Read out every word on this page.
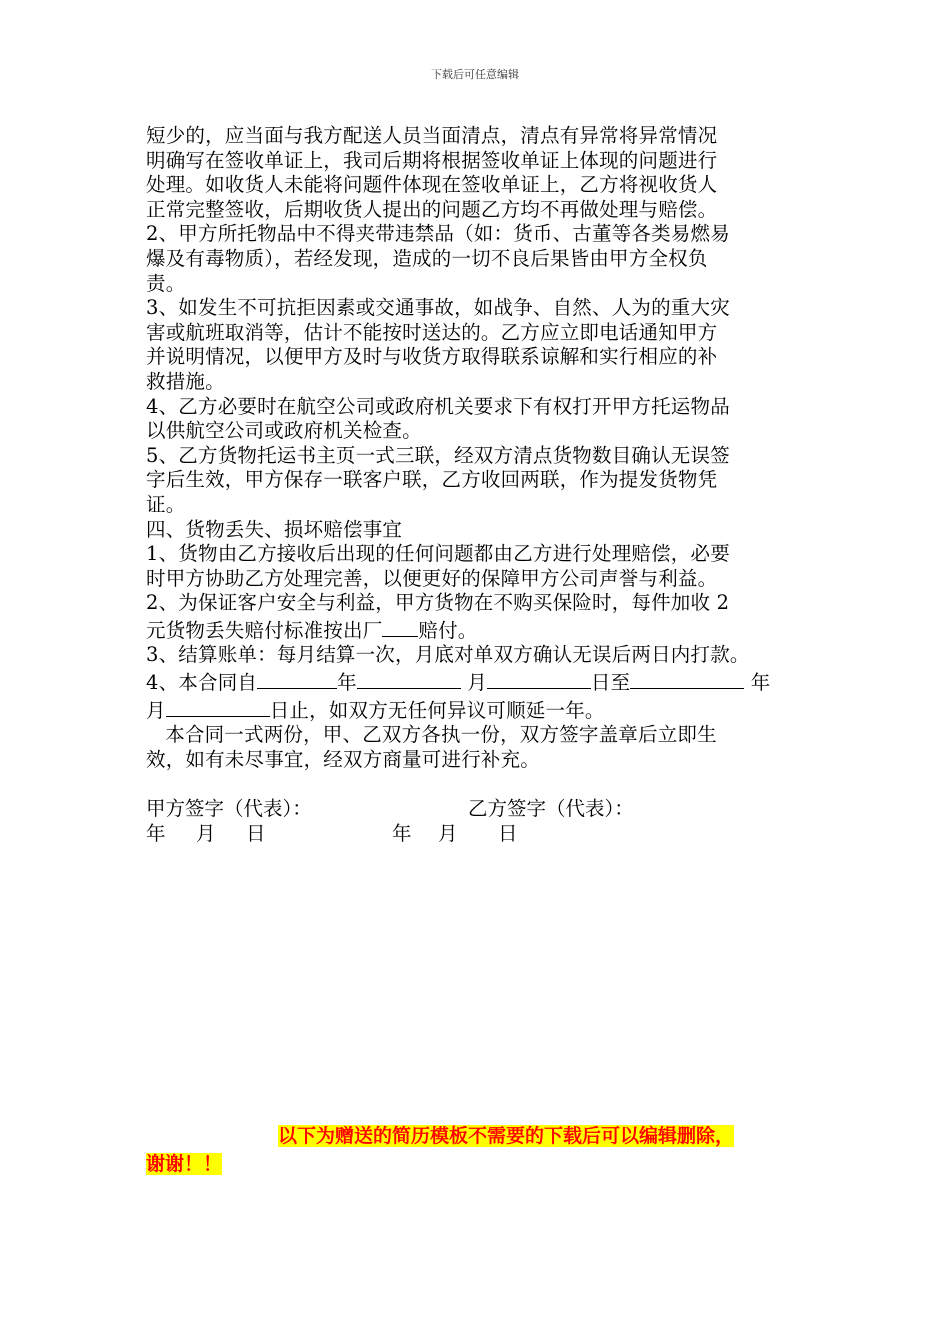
下载后可任意编辑

短少的，应当面与我方配送人员当面清点，清点有异常将异常情况

明确写在签收单证上，我司后期将根据签收单证上体现的问题进行

处理。如收货人未能将问题件体现在签收单证上，乙方将视收货人

正常完整签收，后期收货人提出的问题乙方均不再做处理与赔偿。

2、甲方所托物品中不得夹带违禁品（如：货币、古董等各类易燃易

爆及有毒物质），若经发现，造成的一切不良后果皆由甲方全权负

责。

3、如发生不可抗拒因素或交通事故，如战争、自然、人为的重大灾

害或航班取消等，估计不能按时送达的。乙方应立即电话通知甲方

并说明情况，以便甲方及时与收货方取得联系谅解和实行相应的补

救措施。

4、乙方必要时在航空公司或政府机关要求下有权打开甲方托运物品

以供航空公司或政府机关检查。

5、乙方货物托运书主页一式三联，经双方清点货物数目确认无误签

字后生效，甲方保存一联客户联，乙方收回两联，作为提发货物凭

证。

四、货物丢失、损坏赔偿事宜

1、货物由乙方接收后出现的任何问题都由乙方进行处理赔偿，必要

时甲方协助乙方处理完善，以便更好的保障甲方公司声誉与利益。

2、为保证客户安全与利益，甲方货物在不购买保险时，每件加收 2

元货物丢失赔付标准按出厂 赔付。

3、结算账单：每月结算一次，月底对单双方确认无误后两日内打款。

4、本合同自	年	月	日至	年

月	日止，如双方无任何异议可顺延一年。

本合同一式两份，甲、乙双方各执一份，双方签字盖章后立即生

效，如有未尽事宜，经双方商量可进行补充。

甲方签字（代表）：	乙方签字（代表）：
年 月 日	年 月 日
以下为赠送的简历模板不需要的下载后可以编辑删除，
谢谢！！
